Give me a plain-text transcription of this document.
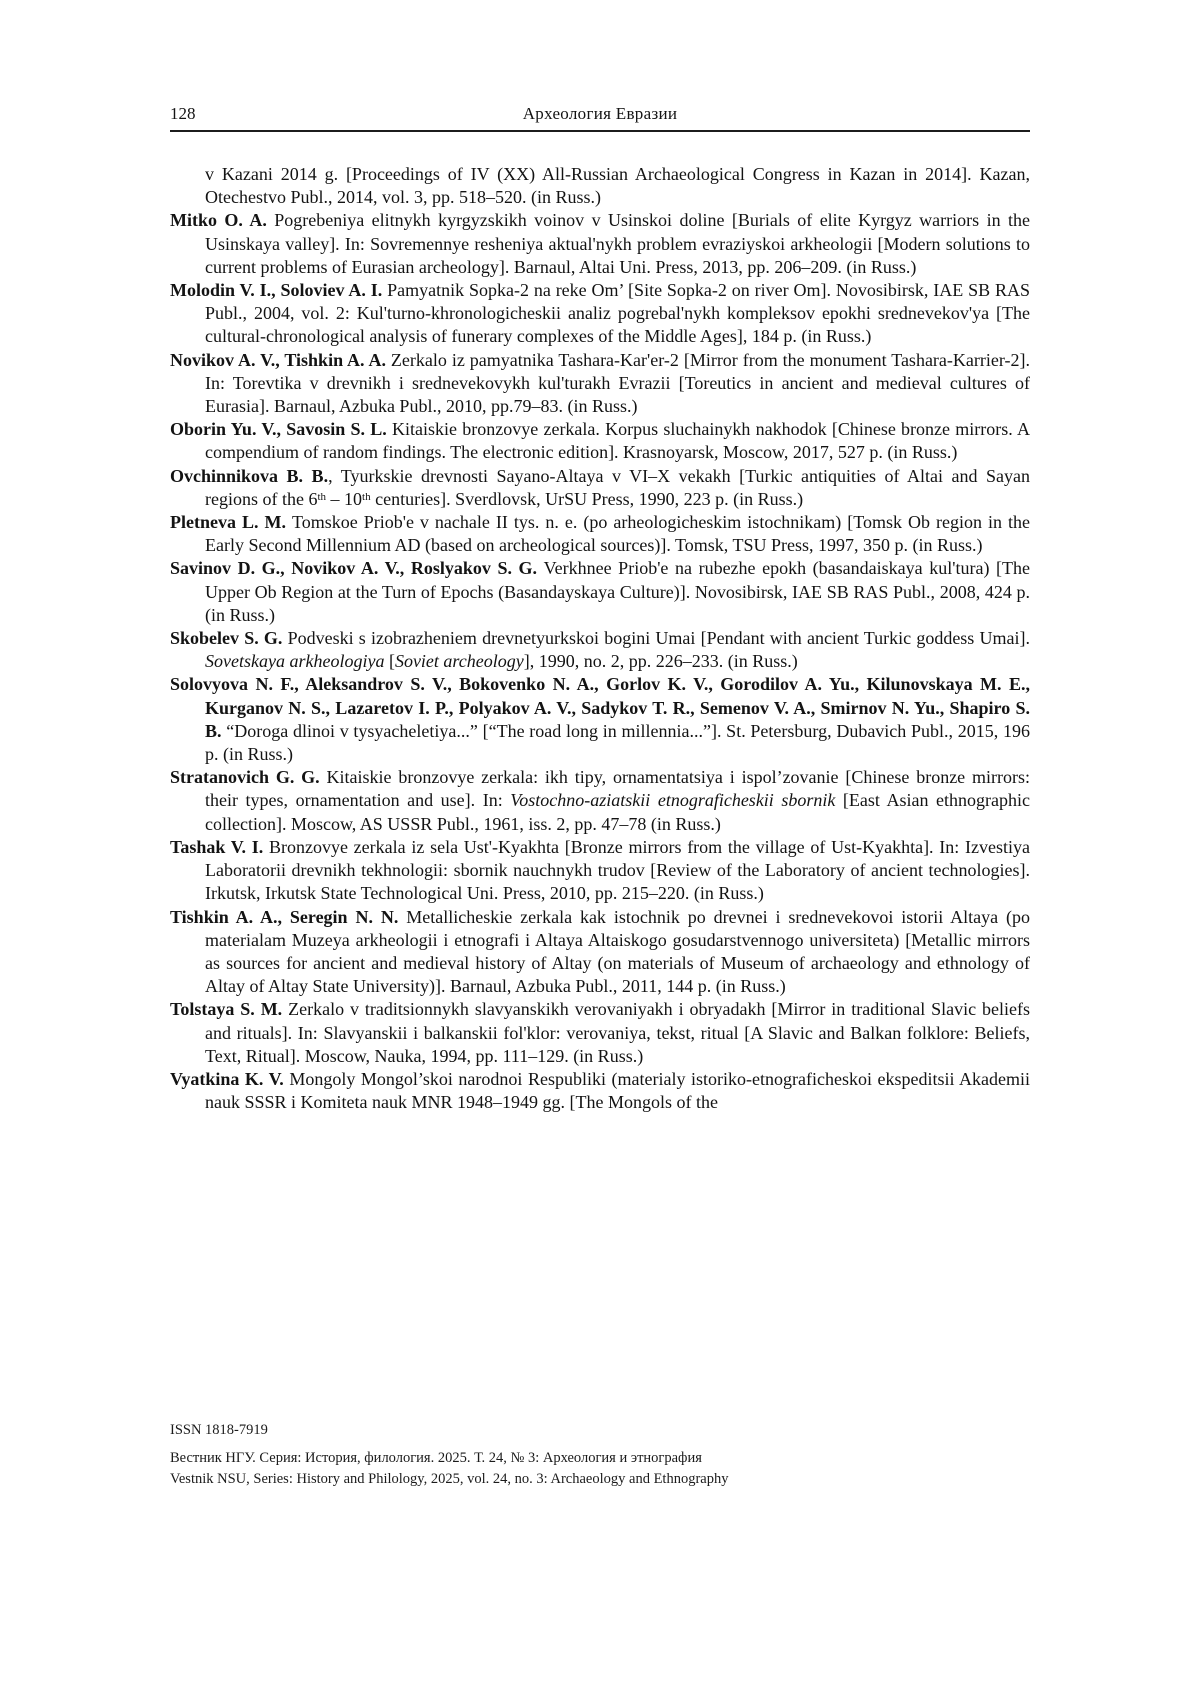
128	Археология Евразии

v Kazani 2014 g. [Proceedings of IV (XX) All-Russian Archaeological Congress in Kazan in 2014]. Kazan, Otechestvo Publ., 2014, vol. 3, pp. 518–520. (in Russ.)

Mitko O. A. Pogrebeniya elitnykh kyrgyzskikh voinov v Usinskoi doline [Burials of elite Kyrgyz warriors in the Usinskaya valley]. In: Sovremennye resheniya aktual'nykh problem evraziyskoi arkheologii [Modern solutions to current problems of Eurasian archeology]. Barnaul, Altai Uni. Press, 2013, pp. 206–209. (in Russ.)

Molodin V. I., Soloviev A. I. Pamyatnik Sopka-2 na reke Om’ [Site Sopka-2 on river Om]. Novosibirsk, IAE SB RAS Publ., 2004, vol. 2: Kul'turno-khronologicheskii analiz pogrebal'nykh kompleksov epokhi srednevekov'ya [The cultural-chronological analysis of funerary complexes of the Middle Ages], 184 p. (in Russ.)

Novikov A. V., Tishkin A. A. Zerkalo iz pamyatnika Tashara-Kar'er-2 [Mirror from the monument Tashara-Karrier-2]. In: Torevtika v drevnikh i srednevekovykh kul'turakh Evrazii [Toreutics in ancient and medieval cultures of Eurasia]. Barnaul, Azbuka Publ., 2010, pp.79–83. (in Russ.)

Oborin Yu. V., Savosin S. L. Kitaiskie bronzovye zerkala. Korpus sluchainykh nakhodok [Chinese bronze mirrors. A compendium of random findings. The electronic edition]. Krasnoyarsk, Moscow, 2017, 527 p. (in Russ.)

Ovchinnikova B. B., Tyurkskie drevnosti Sayano-Altaya v VI–X vekakh [Turkic antiquities of Altai and Sayan regions of the 6th – 10th centuries]. Sverdlovsk, UrSU Press, 1990, 223 p. (in Russ.)

Pletneva L. M. Tomskoe Priob'e v nachale II tys. n. e. (po arheologicheskim istochnikam) [Tomsk Ob region in the Early Second Millennium AD (based on archeological sources)]. Tomsk, TSU Press, 1997, 350 p. (in Russ.)

Savinov D. G., Novikov A. V., Roslyakov S. G. Verkhnee Priob'e na rubezhe epokh (basandaiskaya kul'tura) [The Upper Ob Region at the Turn of Epochs (Basandayskaya Culture)]. Novosibirsk, IAE SB RAS Publ., 2008, 424 p. (in Russ.)

Skobelev S. G. Podveski s izobrazheniem drevnetyurkskoi bogini Umai [Pendant with ancient Turkic goddess Umai]. Sovetskaya arkheologiya [Soviet archeology], 1990, no. 2, pp. 226–233. (in Russ.)

Solovyova N. F., Aleksandrov S. V., Bokovenko N. A., Gorlov K. V., Gorodilov A. Yu., Kilunovskaya M. E., Kurganov N. S., Lazaretov I. P., Polyakov A. V., Sadykov T. R., Semenov V. A., Smirnov N. Yu., Shapiro S. B. “Doroga dlinoi v tysyacheletiya...” [“The road long in millennia...”]. St. Petersburg, Dubavich Publ., 2015, 196 p. (in Russ.)

Stratanovich G. G. Kitaiskie bronzovye zerkala: ikh tipy, ornamentatsiya i ispol’zovanie [Chinese bronze mirrors: their types, ornamentation and use]. In: Vostochno-aziatskii etnograficheskii sbornik [East Asian ethnographic collection]. Moscow, AS USSR Publ., 1961, iss. 2, pp. 47–78 (in Russ.)

Tashak V. I. Bronzovye zerkala iz sela Ust'-Kyakhta [Bronze mirrors from the village of Ust-Kyakhta]. In: Izvestiya Laboratorii drevnikh tekhnologii: sbornik nauchnykh trudov [Review of the Laboratory of ancient technologies]. Irkutsk, Irkutsk State Technological Uni. Press, 2010, pp. 215–220. (in Russ.)

Tishkin A. A., Seregin N. N. Metallicheskie zerkala kak istochnik po drevnei i srednevekovoi istorii Altaya (po materialam Muzeya arkheologii i etnografi i Altaya Altaiskogo gosudarstvennogo universiteta) [Metallic mirrors as sources for ancient and medieval history of Altay (on materials of Museum of archaeology and ethnology of Altay of Altay State University)]. Barnaul, Azbuka Publ., 2011, 144 p. (in Russ.)

Tolstaya S. M. Zerkalo v traditsionnykh slavyanskikh verovaniyakh i obryadakh [Mirror in traditional Slavic beliefs and rituals]. In: Slavyanskii i balkanskii fol'klor: verovaniya, tekst, ritual [A Slavic and Balkan folklore: Beliefs, Text, Ritual]. Moscow, Nauka, 1994, pp. 111–129. (in Russ.)

Vyatkina K. V. Mongoly Mongol’skoi narodnoi Respubliki (materialy istoriko-etnograficheskoi ekspeditsii Akademii nauk SSSR i Komiteta nauk MNR 1948–1949 gg. [The Mongols of the

ISSN 1818-7919

Вестник НГУ. Серия: История, филология. 2025. Т. 24, № 3: Археология и этнография

Vestnik NSU, Series: History and Philology, 2025, vol. 24, no. 3: Archaeology and Ethnography
